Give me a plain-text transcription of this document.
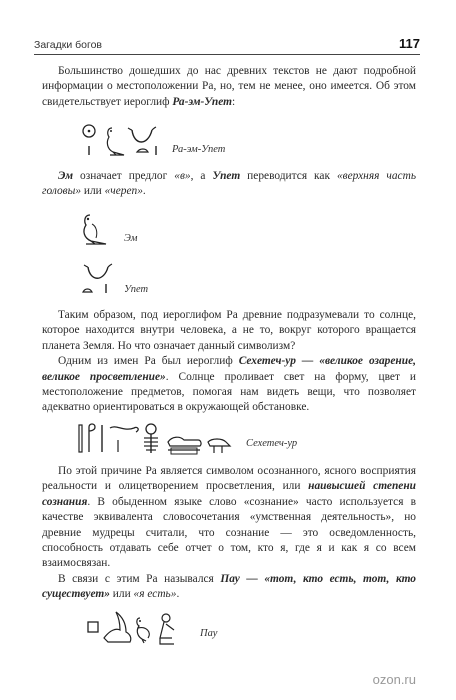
Загадки богов	117

Большинство дошедших до нас древних текстов не дают подробной информации о местоположении Ра, но, тем не менее, оно имеется. Об этом свидетельствует иероглиф Ра-эм-Упет:

Ра-эм-Упет

Эм означает предлог «в», а Упет переводится как «верхняя часть головы» или «череп».

Эм
Упет

Таким образом, под иероглифом Ра древние подразумевали то солнце, которое находится внутри человека, а не то, вокруг которого вращается планета Земля. Но что означает данный символизм?

Одним из имен Ра был иероглиф Сехетеч-ур — «великое озарение, великое просветление». Солнце проливает свет на форму, цвет и местоположение предметов, помогая нам видеть вещи, что позволяет адекватно ориентироваться в окружающей обстановке.

Сехетеч-ур

По этой причине Ра является символом осознанного, ясного восприятия реальности и олицетворением просветления, или наивысшей степени сознания. В обыденном языке слово «сознание» часто используется в качестве эквивалента словосочетания «умственная деятельность», но древние мудрецы считали, что сознание — это осведомленность, способность отдавать себе отчет о том, кто я, где я и как я со всем взаимосвязан.

В связи с этим Ра назывался Пау — «тот, кто есть, тот, кто существует» или «я есть».

Пау
ozon.ru
